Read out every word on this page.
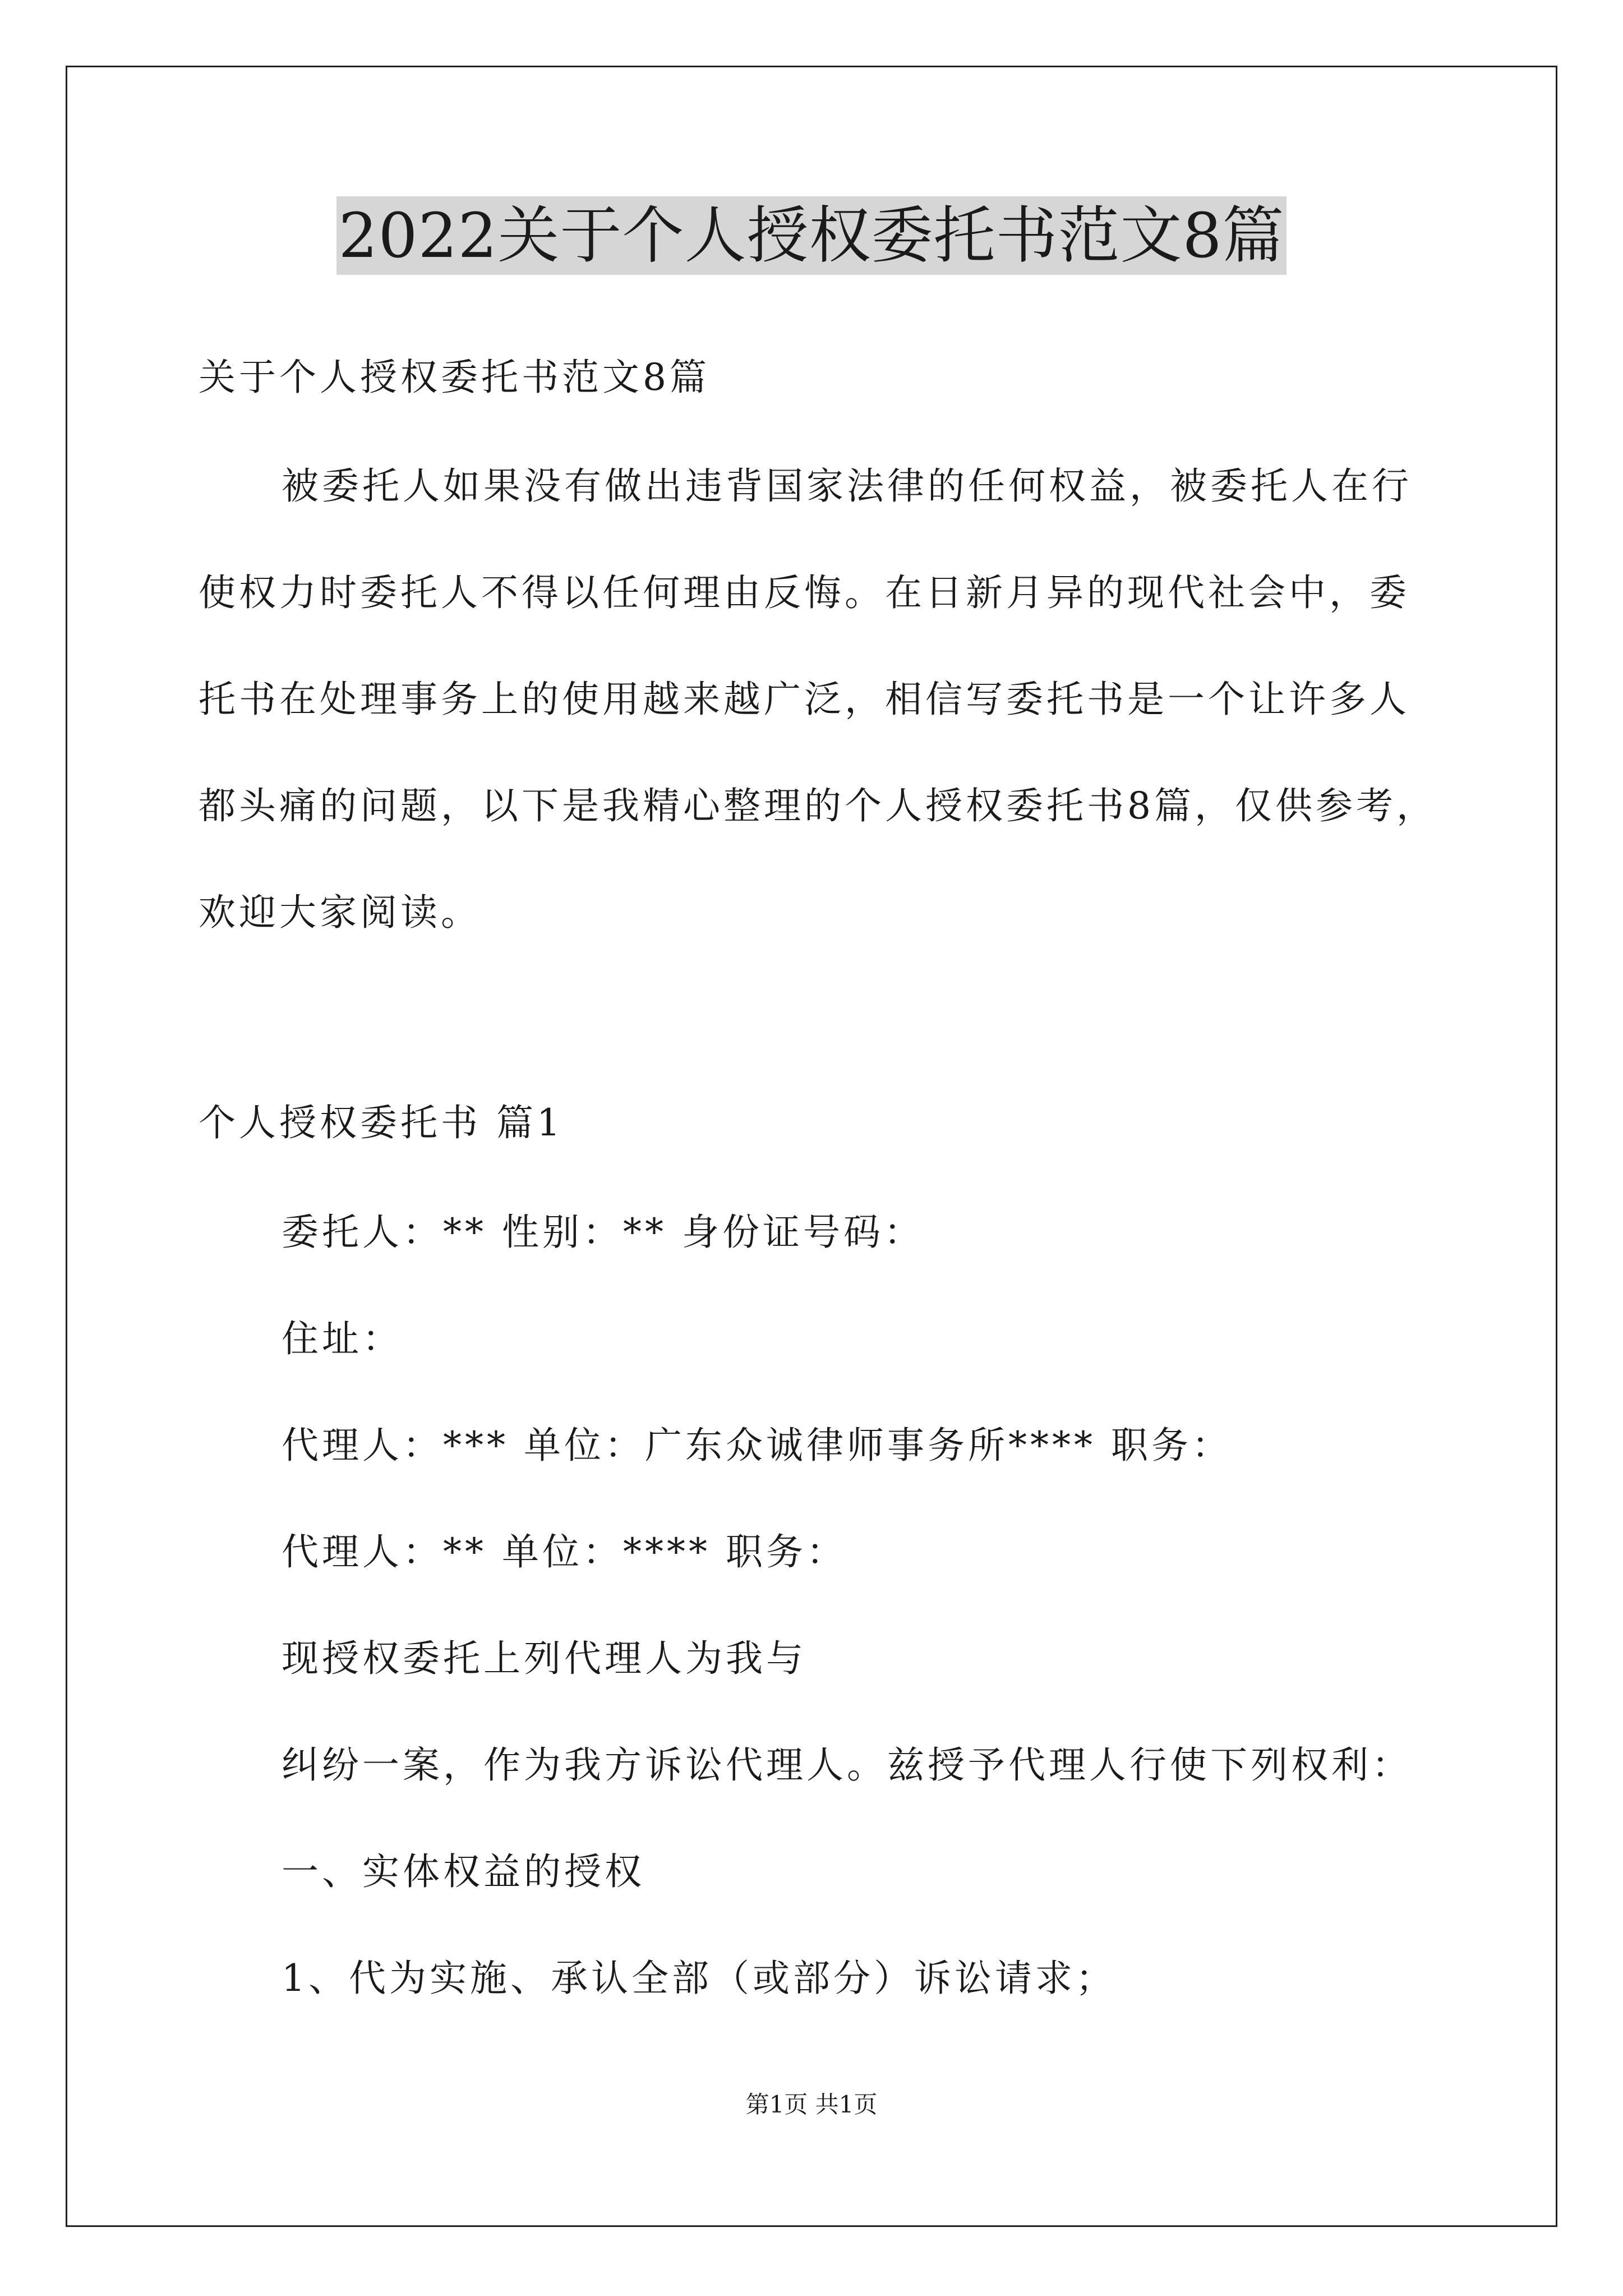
2022关于个人授权委托书范文8篇
关于个人授权委托书范文8篇
被委托人如果没有做出违背国家法律的任何权益，被委托人在行
使权力时委托人不得以任何理由反悔。在日新月异的现代社会中，委
托书在处理事务上的使用越来越广泛，相信写委托书是一个让许多人
都头痛的问题，以下是我精心整理的个人授权委托书8篇，仅供参考，
欢迎大家阅读。
个人授权委托书 篇1
委托人：** 性别：** 身份证号码：
住址：
代理人：*** 单位：广东众诚律师事务所**** 职务：
代理人：** 单位：**** 职务：
现授权委托上列代理人为我与
纠纷一案，作为我方诉讼代理人。兹授予代理人行使下列权利：
一、实体权益的授权
1、代为实施、承认全部（或部分）诉讼请求；
第1页 共1页
